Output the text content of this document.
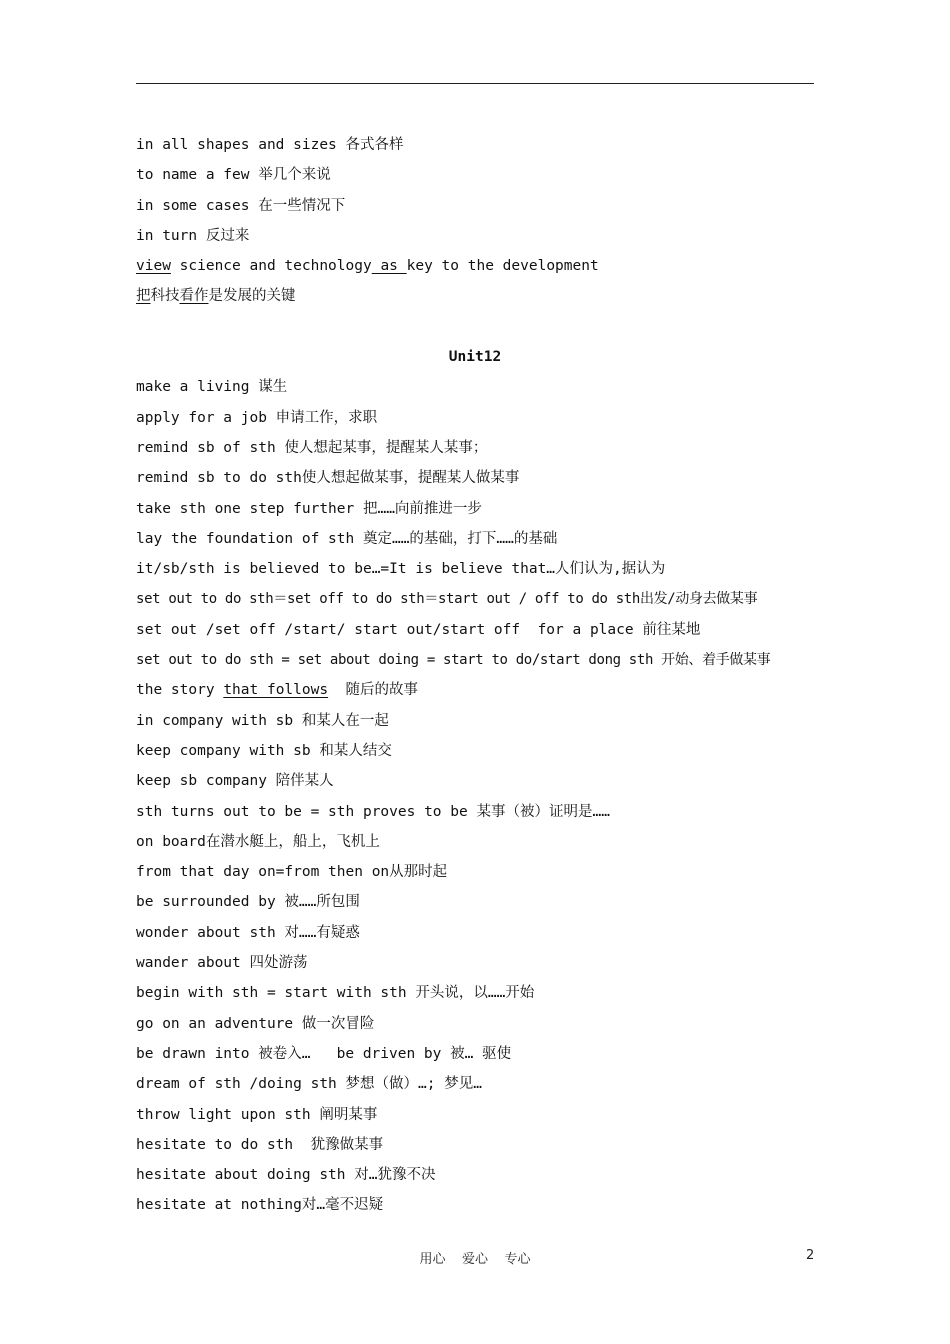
in all shapes and sizes 各式各样
to name a few 举几个来说
in some cases 在一些情况下
in turn 反过来
view science and technology as key to the development
把科技看作是发展的关键
Unit12
make a living 谋生
apply for a job 申请工作，求职
remind sb of sth 使人想起某事，提醒某人某事；
remind sb to do sth使人想起做某事，提醒某人做某事
take sth one step further 把……向前推进一步
lay the foundation of sth 奠定……的基础，打下……的基础
it/sb/sth is believed to be…=It is believe that…人们认为,据认为
set out to do sth＝set off to do sth＝start out / off to do sth出发/动身去做某事
set out /set off /start/ start out/start off  for a place 前往某地
set out to do sth = set about doing = start to do/start dong sth 开始、着手做某事
the story that follows  随后的故事
in company with sb 和某人在一起
keep company with sb 和某人结交
keep sb company 陪伴某人
sth turns out to be = sth proves to be 某事（被）证明是……
on board在潜水艇上，船上，飞机上
from that day on=from then on从那时起
be surrounded by 被……所包围
wonder about sth 对……有疑惑
wander about 四处游荡
begin with sth = start with sth 开头说，以……开始
go on an adventure 做一次冒险
be drawn into 被卷入…   be driven by 被… 驱使
dream of sth /doing sth 梦想（做）…; 梦见…
throw light upon sth 阐明某事
hesitate to do sth  犹豫做某事
hesitate about doing sth 对…犹豫不决
hesitate at nothing对…毫不迟疑
用心    爱心    专心	2
